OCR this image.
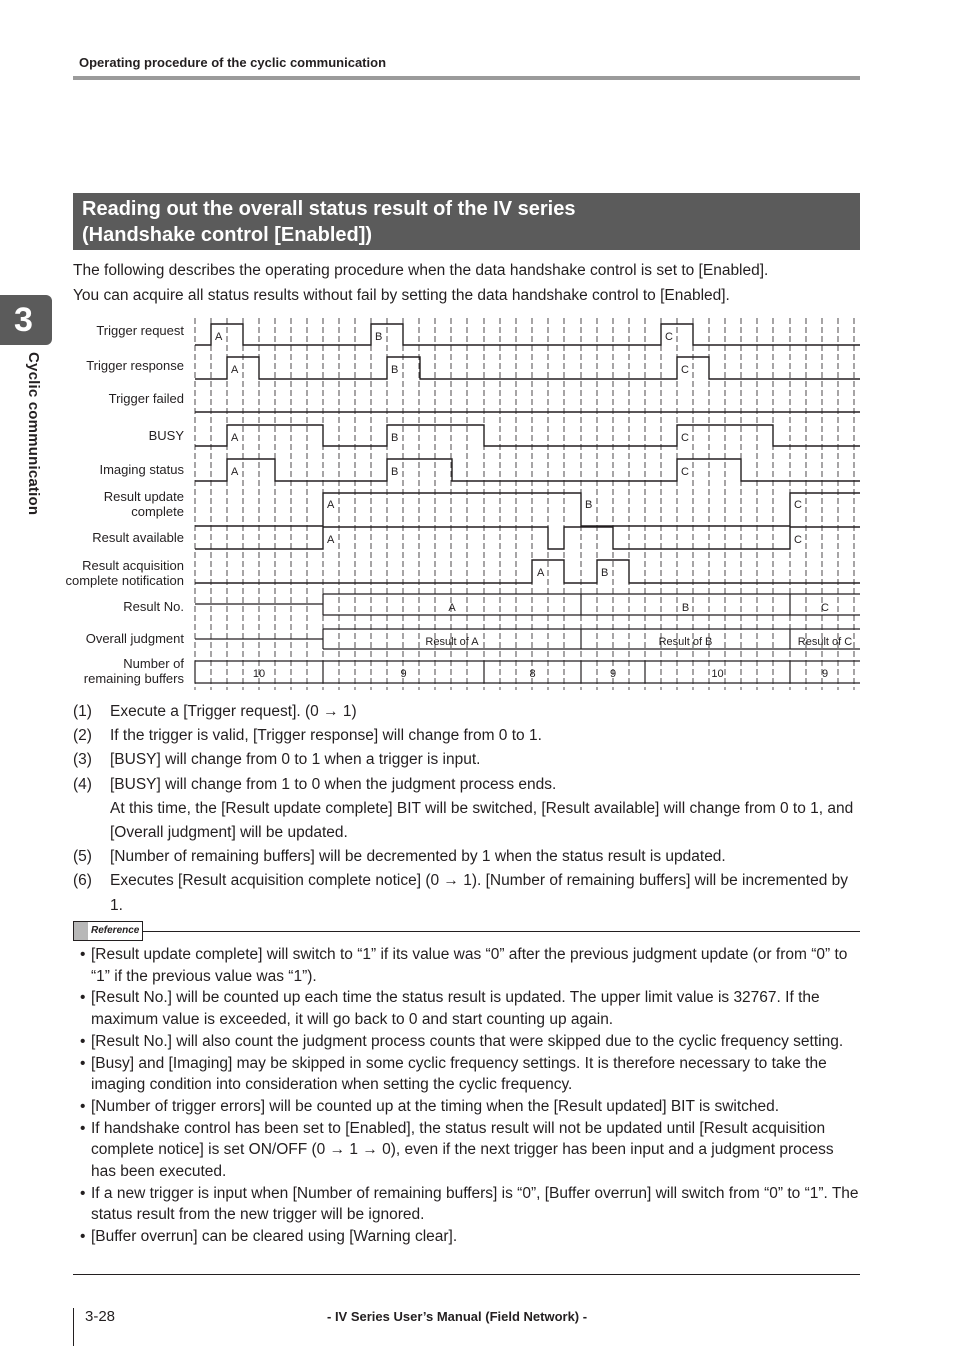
Operating procedure of the cyclic communication
3
Cyclic communication
Reading out the overall status result of the IV series
(Handshake control [Enabled])

The following describes the operating procedure when the data handshake control is set to [Enabled].

You can acquire all status results without fail by setting the data handshake control to [Enabled].

Trigger request	A	B	C
Trigger response	A	B	C
Trigger failed
BUSY	A	B	C
Imaging status	A	B	C
Result update
complete	A	B	C
Result available	A	C
Result acquisition
complete notification	A	B
Result No.	A	B	C
Overall judgment	Result of A	Result of B	Result of C
Number of
remaining buffers	10	9	8	9	10	9
(1) Execute a [Trigger request]. (0 → 1)
(2) If the trigger is valid, [Trigger response] will change from 0 to 1.
(3) [BUSY] will change from 0 to 1 when a trigger is input.
(4) [BUSY] will change from 1 to 0 when the judgment process ends.
At this time, the [Result update complete] BIT will be switched, [Result available] will change from 0 to 1, and [Overall judgment] will be updated.
(5) [Number of remaining buffers] will be decremented by 1 when the status result is updated.
(6) Executes [Result acquisition complete notice] (0 → 1). [Number of remaining buffers] will be incremented by 1.
Reference
• [Result update complete] will switch to “1” if its value was “0” after the previous judgment update (or from “0” to “1” if the previous value was “1”).
• [Result No.] will be counted up each time the status result is updated. The upper limit value is 32767. If the maximum value is exceeded, it will go back to 0 and start counting up again.
• [Result No.] will also count the judgment process counts that were skipped due to the cyclic frequency setting.
• [Busy] and [Imaging] may be skipped in some cyclic frequency settings. It is therefore necessary to take the imaging condition into consideration when setting the cyclic frequency.
• [Number of trigger errors] will be counted up at the timing when the [Result updated] BIT is switched.
• If handshake control has been set to [Enabled], the status result will not be updated until [Result acquisition complete notice] is set ON/OFF (0 → 1 → 0), even if the next trigger has been input and a judgment process has been executed.
• If a new trigger is input when [Number of remaining buffers] is “0”, [Buffer overrun] will switch from “0” to “1”. The status result from the new trigger will be ignored.
• [Buffer overrun] can be cleared using [Warning clear].
3-28	- IV Series User’s Manual (Field Network) -
